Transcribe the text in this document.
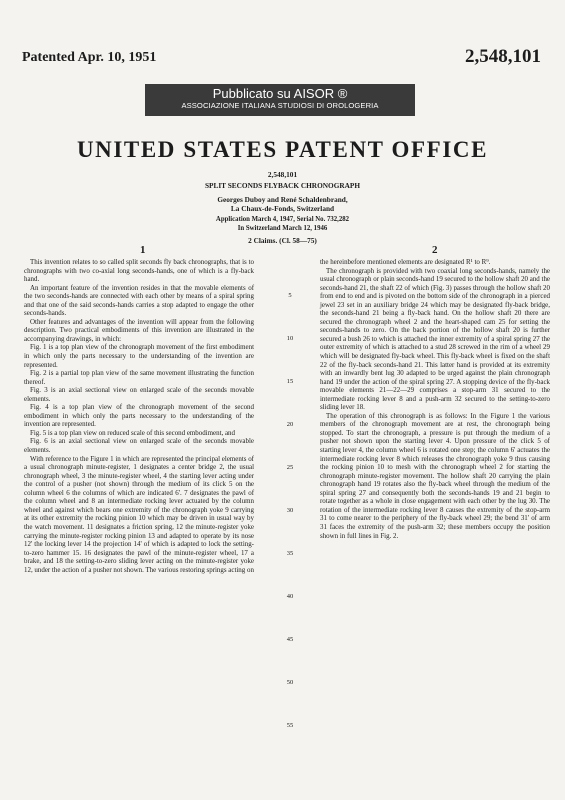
Patented Apr. 10, 1951	2,548,101
Pubblicato su AISOR ®
ASSOCIAZIONE ITALIANA STUDIOSI DI OROLOGERIA
UNITED STATES PATENT OFFICE
2,548,101
SPLIT SECONDS FLYBACK CHRONOGRAPH
Georges Duboy and René Schaldenbrand,
La Chaux-de-Fonds, Switzerland
Application March 4, 1947, Serial No. 732,282
In Switzerland March 12, 1946
2 Claims. (Cl. 58—75)
1	2

This invention relates to so called split seconds fly back chronographs, that is to chronographs with two co-axial long seconds-hands, one of which is a fly-back hand.

An important feature of the invention resides in that the movable elements of the two seconds-hands are connected with each other by means of a spiral spring and that one of the said seconds-hands carries a stop adapted to engage the other seconds-hands.

Other features and advantages of the invention will appear from the following description. Two practical embodiments of this invention are illustrated in the accompanying drawings, in which:

Fig. 1 is a top plan view of the chronograph movement of the first embodiment in which only the parts necessary to the understanding of the invention are represented.

Fig. 2 is a partial top plan view of the same movement illustrating the function thereof.

Fig. 3 is an axial sectional view on enlarged scale of the seconds movable elements.

Fig. 4 is a top plan view of the chronograph movement of the second embodiment in which only the parts necessary to the understanding of the invention are represented.

Fig. 5 is a top plan view on reduced scale of this second embodiment, and

Fig. 6 is an axial sectional view on enlarged scale of the seconds movable elements.

With reference to the Figure 1 in which are represented the principal elements of a usual chronograph minute-register, 1 designates a center bridge 2, the usual chronograph wheel, 3 the minute-register wheel, 4 the starting lever acting under the control of a pusher (not shown) through the medium of its click 5 on the column wheel 6 the columns of which are indicated 6'. 7 designates the pawl of the column wheel and 8 an intermediate rocking lever actuated by the column wheel and against which bears one extremity of the chronograph yoke 9 carrying at its other extremity the rocking pinion 10 which may be driven in usual way by the watch movement. 11 designates a friction spring, 12 the minute-register yoke carrying the minute-register rocking pinion 13 and adapted to operate by its nose 12' the locking lever 14 the projection 14' of which is adapted to lock the setting-to-zero hammer 15. 16 designates the pawl of the minute-register wheel, 17 a brake, and 18 the setting-to-zero sliding lever acting on the minute-register yoke 12, under the action of a pusher not shown. The various restoring springs acting on

the hereinbefore mentioned elements are designated R¹ to R⁹.

The chronograph is provided with two coaxial long seconds-hands, namely the usual chronograph or plain seconds-hand 19 secured to the hollow shaft 20 and the seconds-hand 21, the shaft 22 of which (Fig. 3) passes through the hollow shaft 20 from end to end and is pivoted on the bottom side of the chronograph in a pierced jewel 23 set in an auxiliary bridge 24 which may be designated fly-back bridge, the seconds-hand 21 being a fly-back hand. On the hollow shaft 20 there are secured the chronograph wheel 2 and the heart-shaped cam 25 for setting the seconds-hands to zero. On the back portion of the hollow shaft 20 is further secured a bush 26 to which is attached the inner extremity of a spiral spring 27 the outer extremity of which is attached to a stud 28 screwed in the rim of a wheel 29 which will be designated fly-back wheel. This fly-back wheel is fixed on the shaft 22 of the fly-back seconds-hand 21. This latter hand is provided at its extremity with an inwardly bent lug 30 adapted to be urged against the plain chronograph hand 19 under the action of the spiral spring 27. A stopping device of the fly-back movable elements 21—22—29 comprises a stop-arm 31 secured to the intermediate rocking lever 8 and a push-arm 32 secured to the setting-to-zero sliding lever 18.

The operation of this chronograph is as follows: In the Figure 1 the various members of the chronograph movement are at rest, the chronograph being stopped. To start the chronograph, a pressure is put through the medium of a pusher not shown upon the starting lever 4. Upon pressure of the click 5 of starting lever 4, the column wheel 6 is rotated one step; the column 6' actuates the intermediate rocking lever 8 which releases the chronograph yoke 9 thus causing the rocking pinion 10 to mesh with the chronograph wheel 2 for starting the chronograph minute-register movement. The hollow shaft 20 carrying the plain chronograph hand 19 rotates also the fly-back wheel through the medium of the spiral spring 27 and consequently both the seconds-hands 19 and 21 begin to rotate together as a whole in close engagement with each other by the lug 30. The rotation of the intermediate rocking lever 8 causes the extremity of the stop-arm 31 to come nearer to the periphery of the fly-back wheel 29; the bend 31' of arm 31 faces the extremity of the push-arm 32; these members occupy the position shown in full lines in Fig. 2.

5
10
15
20
25
30
35
40
45
50
55
